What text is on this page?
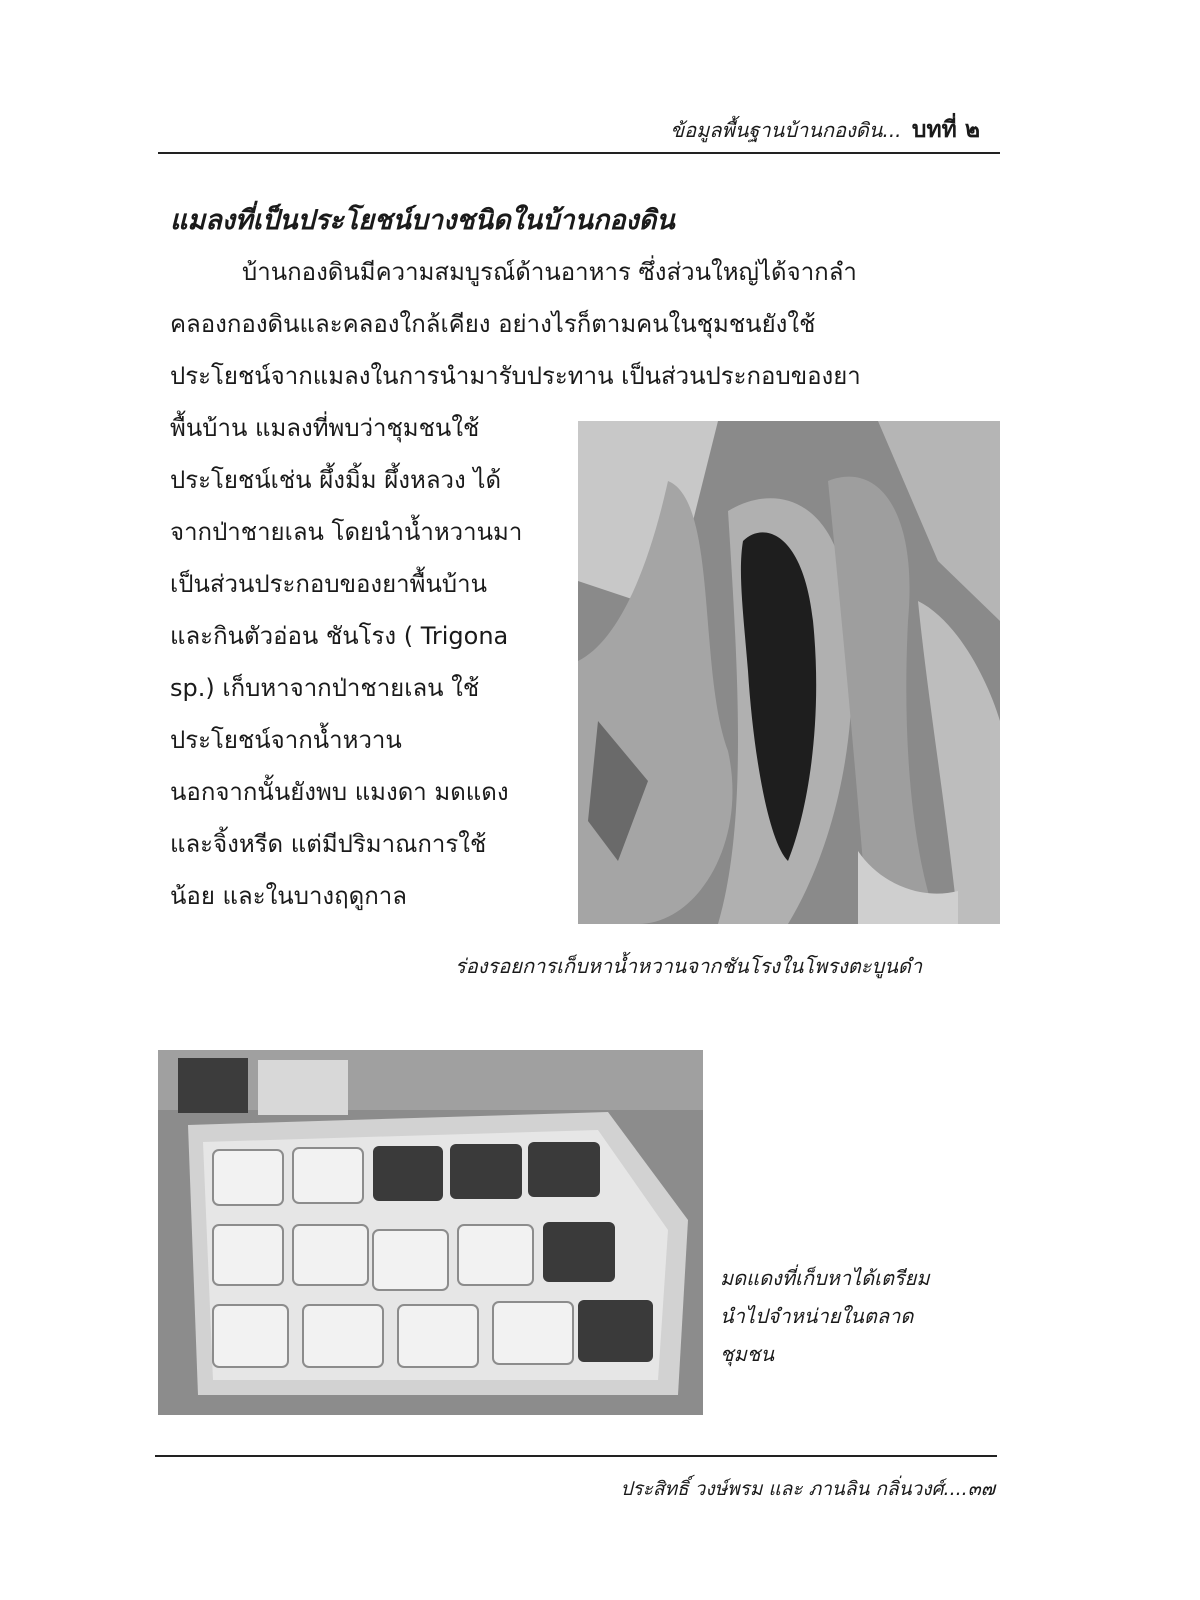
ข้อมูลพื้นฐานบ้านกองดิน... บทที่ ๒
แมลงที่เป็นประโยชน์บางชนิดในบ้านกองดิน

บ้านกองดินมีความสมบูรณ์ด้านอาหาร ซึ่งส่วนใหญ่ได้จากลำ

คลองกองดินและคลองใกล้เคียง อย่างไรก็ตามคนในชุมชนยังใช้

ประโยชน์จากแมลงในการนำมารับประทาน เป็นส่วนประกอบของยา

พื้นบ้าน แมลงที่พบว่าชุมชนใช้

ประโยชน์เช่น ผึ้งมิ้ม ผึ้งหลวง ได้

จากป่าชายเลน โดยนำน้ำหวานมา

เป็นส่วนประกอบของยาพื้นบ้าน

และกินตัวอ่อน ชันโรง ( Trigona

sp.) เก็บหาจากป่าชายเลน ใช้

ประโยชน์จากน้ำหวาน

นอกจากนั้นยังพบ แมงดา มดแดง

และจิ้งหรีด แต่มีปริมาณการใช้

น้อย และในบางฤดูกาล

ร่องรอยการเก็บหาน้ำหวานจากชันโรงในโพรงตะบูนดำ

มดแดงที่เก็บหาได้เตรียม

นำไปจำหน่ายในตลาด

ชุมชน

ประสิทธิ์ วงษ์พรม และ ภานลิน กลิ่นวงศ์....๓๗
